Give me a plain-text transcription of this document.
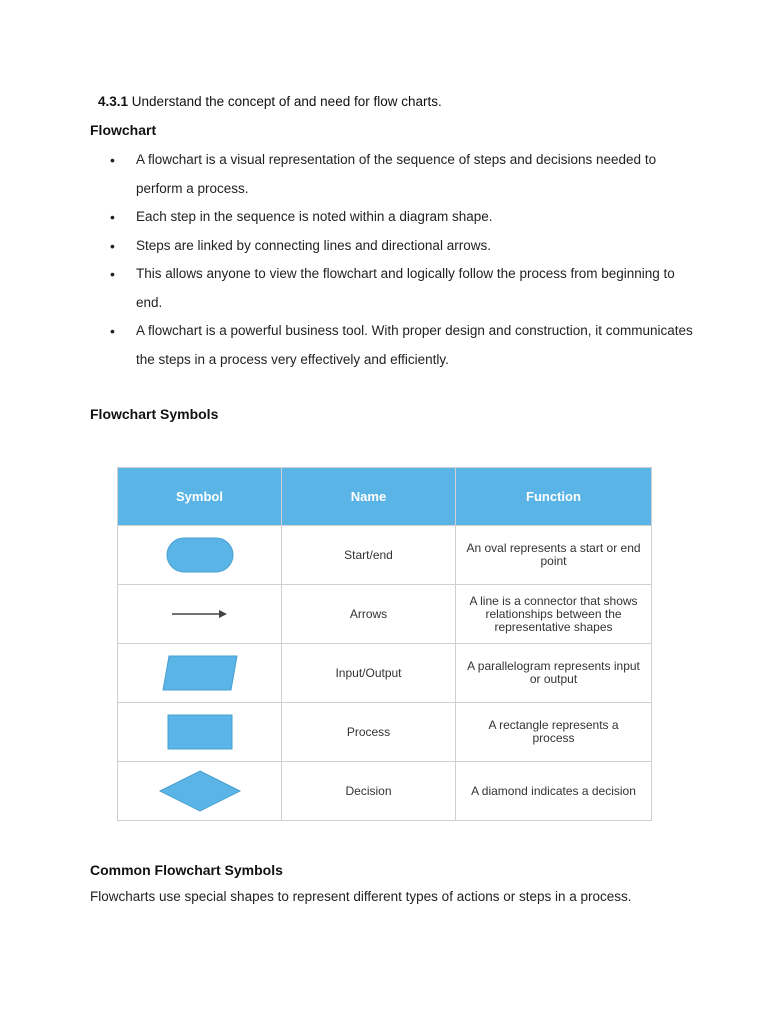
4.3.1 Understand the concept of and need for flow charts.
Flowchart
• A flowchart is a visual representation of the sequence of steps and decisions needed to perform a process.
• Each step in the sequence is noted within a diagram shape.
• Steps are linked by connecting lines and directional arrows.
• This allows anyone to view the flowchart and logically follow the process from beginning to end.
• A flowchart is a powerful business tool. With proper design and construction, it communicates the steps in a process very effectively and efficiently.
Flowchart Symbols
Symbol	Name	Function

	Start/end	An oval represents a start or end point

	Arrows	A line is a connector that shows relationships between the representative shapes

	Input/Output	A parallelogram represents input or output

	Process	A rectangle represents a process

	Decision	A diamond indicates a decision
Common Flowchart Symbols
Flowcharts use special shapes to represent different types of actions or steps in a process.
